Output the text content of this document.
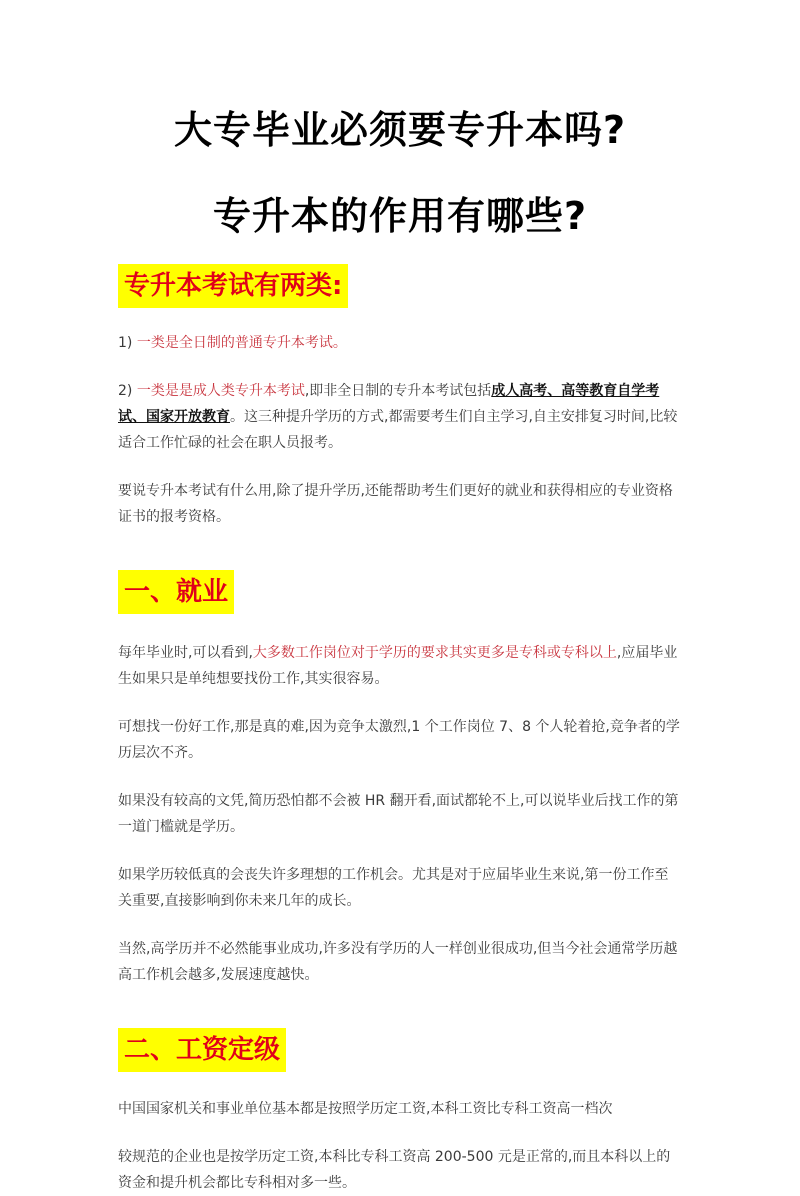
大专毕业必须要专升本吗?
专升本的作用有哪些?
专升本考试有两类:

1) 一类是全日制的普通专升本考试。

2) 一类是是成人类专升本考试,即非全日制的专升本考试包括成人高考、高等教育自学考试、国家开放教育。这三种提升学历的方式,都需要考生们自主学习,自主安排复习时间,比较适合工作忙碌的社会在职人员报考。

要说专升本考试有什么用,除了提升学历,还能帮助考生们更好的就业和获得相应的专业资格证书的报考资格。

一、就业

每年毕业时,可以看到,大多数工作岗位对于学历的要求其实更多是专科或专科以上,应届毕业生如果只是单纯想要找份工作,其实很容易。

可想找一份好工作,那是真的难,因为竞争太激烈,1 个工作岗位 7、8 个人轮着抢,竞争者的学历层次不齐。

如果没有较高的文凭,简历恐怕都不会被 HR 翻开看,面试都轮不上,可以说毕业后找工作的第一道门槛就是学历。

如果学历较低真的会丧失许多理想的工作机会。尤其是对于应届毕业生来说,第一份工作至关重要,直接影响到你未来几年的成长。

当然,高学历并不必然能事业成功,许多没有学历的人一样创业很成功,但当今社会通常学历越高工作机会越多,发展速度越快。

二、工资定级

中国国家机关和事业单位基本都是按照学历定工资,本科工资比专科工资高一档次

较规范的企业也是按学历定工资,本科比专科工资高 200-500 元是正常的,而且本科以上的资金和提升机会都比专科相对多一些。
